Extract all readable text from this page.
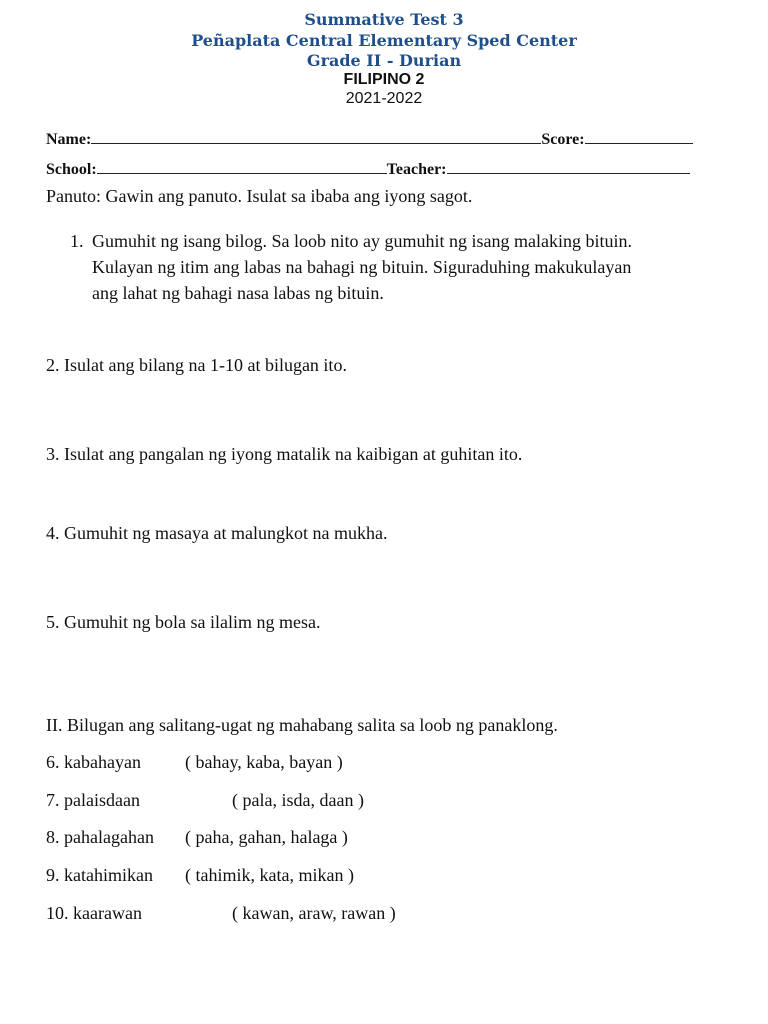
Summative Test 3
Peñaplata Central Elementary Sped Center
Grade II - Durian
FILIPINO 2
2021-2022
Name:	Score:
School:	Teacher:
Panuto: Gawin ang panuto. Isulat sa ibaba ang iyong sagot.
1. Gumuhit ng isang bilog. Sa loob nito ay gumuhit ng isang malaking bituin.
Kulayan ng itim ang labas na bahagi ng bituin. Siguraduhing makukulayan
ang lahat ng bahagi nasa labas ng bituin.
2. Isulat ang bilang na 1-10 at bilugan ito.
3. Isulat ang pangalan ng iyong matalik na kaibigan at guhitan ito.
4. Gumuhit ng masaya at malungkot na mukha.
5. Gumuhit ng bola sa ilalim ng mesa.
II. Bilugan ang salitang-ugat ng mahabang salita sa loob ng panaklong.
6. kabahayan ( bahay, kaba, bayan )
7. palaisdaan	( pala, isda, daan )
8. pahalagahan ( paha, gahan, halaga )
9. katahimikan ( tahimik, kata, mikan )
10. kaarawan	( kawan, araw, rawan )
